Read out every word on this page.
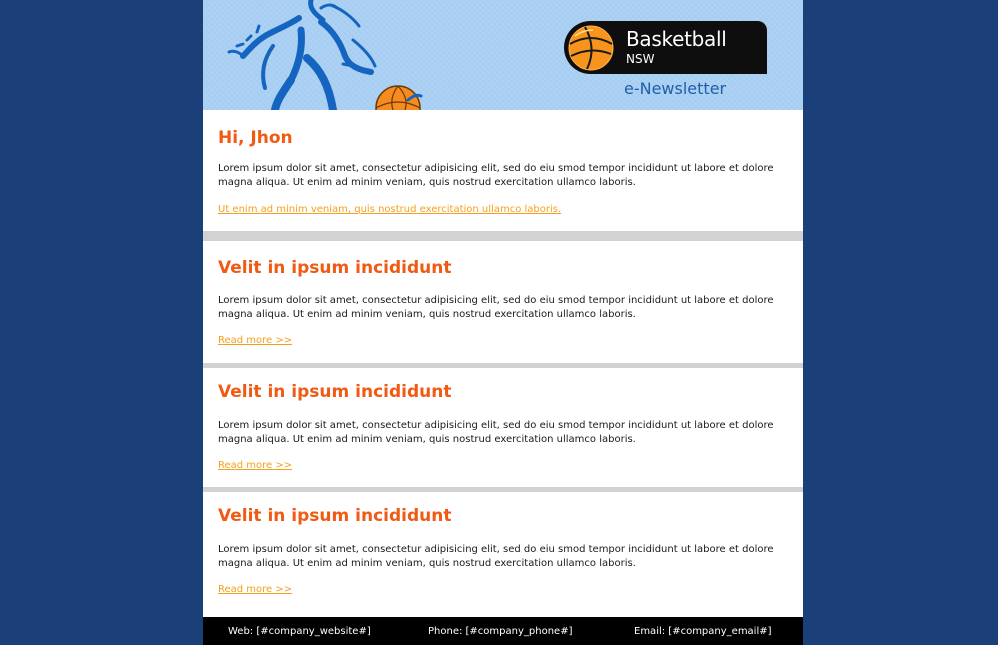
Basketball
NSW
e-Newsletter
Hi, Jhon

Lorem ipsum dolor sit amet, consectetur adipisicing elit, sed do eiu smod tempor incididunt ut labore et dolore magna aliqua. Ut enim ad minim veniam, quis nostrud exercitation ullamco laboris.

Ut enim ad minim veniam, quis nostrud exercitation ullamco laboris.
Velit in ipsum incididunt

Lorem ipsum dolor sit amet, consectetur adipisicing elit, sed do eiu smod tempor incididunt ut labore et dolore magna aliqua. Ut enim ad minim veniam, quis nostrud exercitation ullamco laboris.

Read more >>
Velit in ipsum incididunt

Lorem ipsum dolor sit amet, consectetur adipisicing elit, sed do eiu smod tempor incididunt ut labore et dolore magna aliqua. Ut enim ad minim veniam, quis nostrud exercitation ullamco laboris.

Read more >>
Velit in ipsum incididunt

Lorem ipsum dolor sit amet, consectetur adipisicing elit, sed do eiu smod tempor incididunt ut labore et dolore magna aliqua. Ut enim ad minim veniam, quis nostrud exercitation ullamco laboris.

Read more >>
Web: [#company_website#]	Phone: [#company_phone#]	Email: [#company_email#]
